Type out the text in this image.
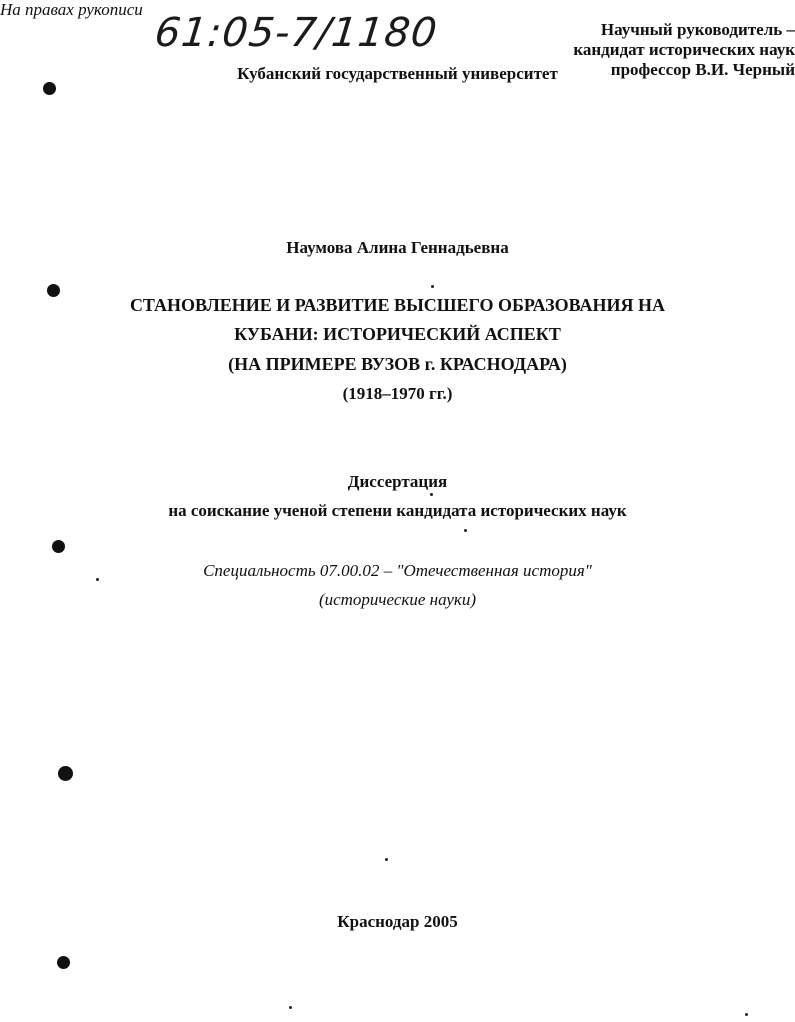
61:05-7/1180
Кубанский государственный университет
На правах рукописи
Наумова Алина Геннадьевна
СТАНОВЛЕНИЕ И РАЗВИТИЕ ВЫСШЕГО ОБРАЗОВАНИЯ НА
КУБАНИ: ИСТОРИЧЕСКИЙ АСПЕКТ
(НА ПРИМЕРЕ ВУЗОВ г. КРАСНОДАРА)
(1918–1970 гг.)
Диссертация
на соискание ученой степени кандидата исторических наук
Специальность 07.00.02 – "Отечественная история"
(исторические науки)
Научный руководитель –
кандидат исторических наук
профессор В.И. Черный
Краснодар 2005
